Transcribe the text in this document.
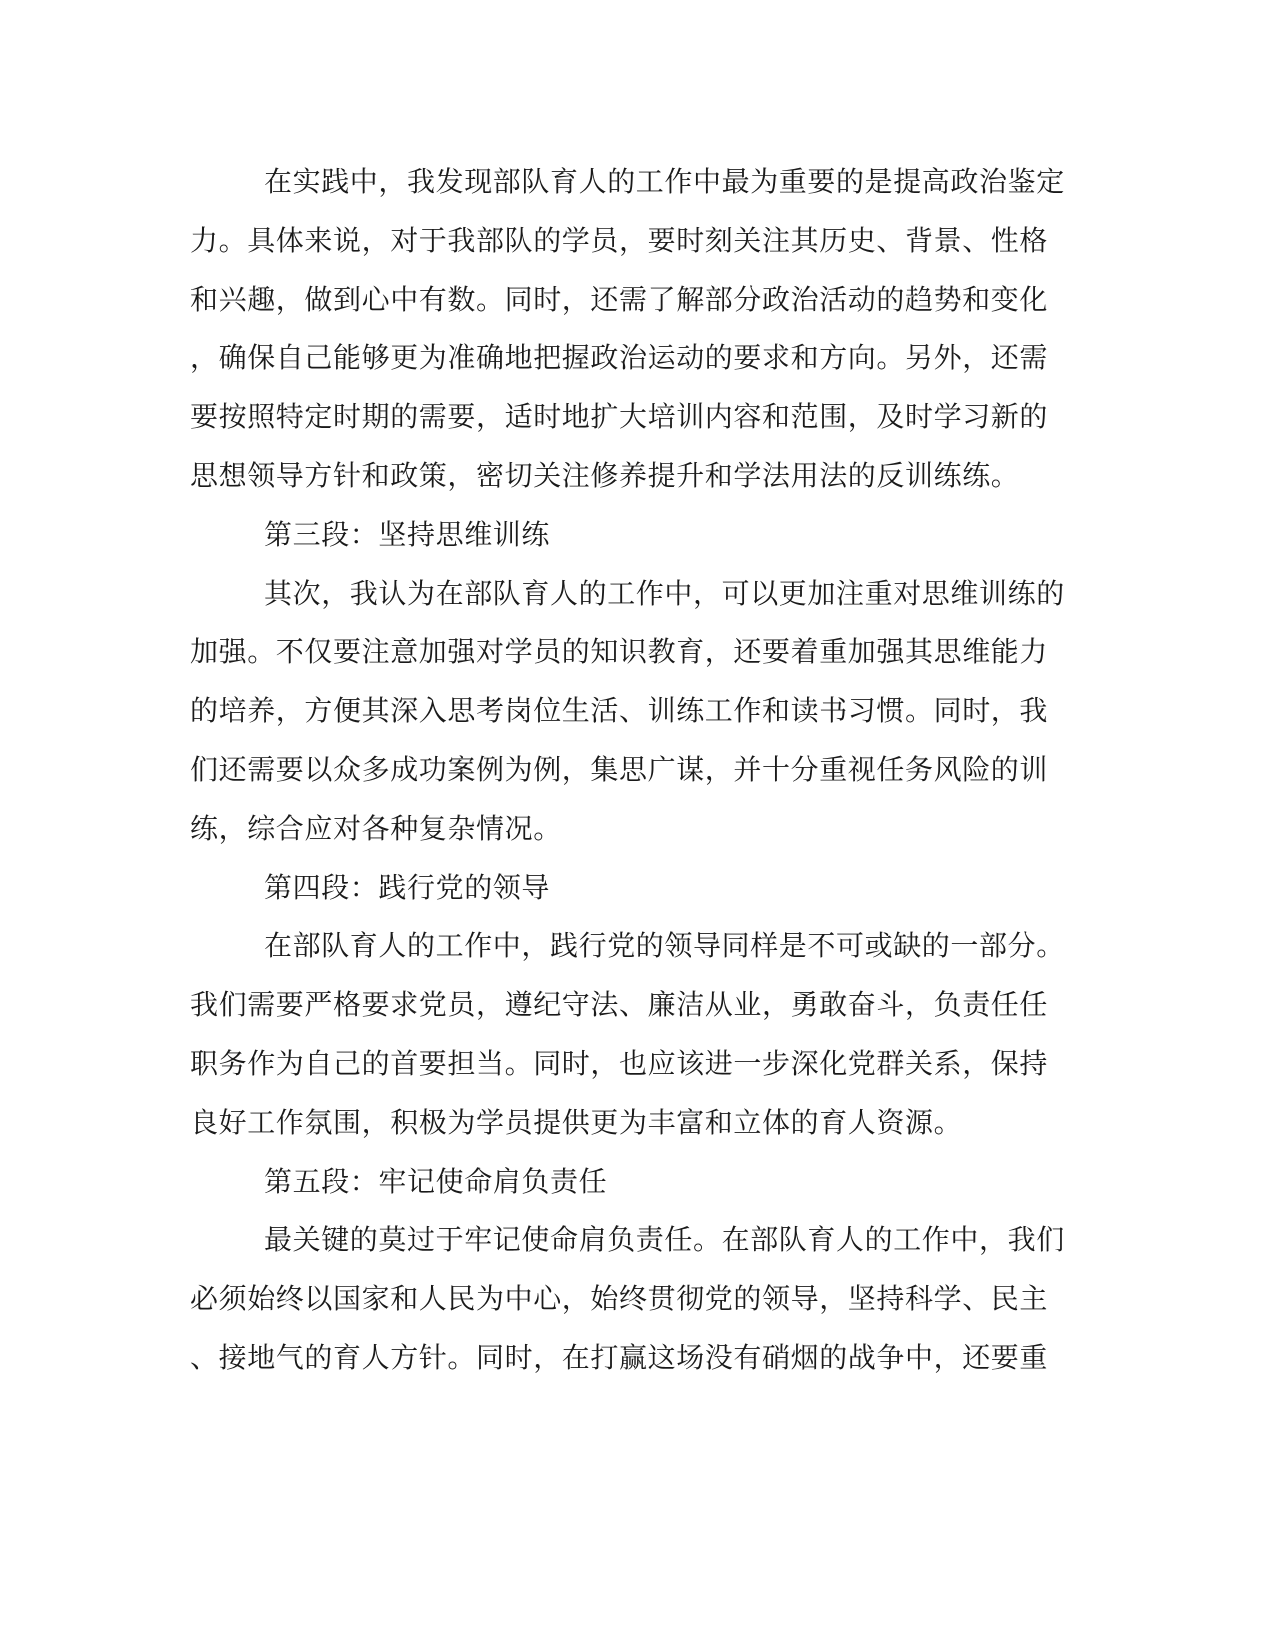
在实践中，我发现部队育人的工作中最为重要的是提高政治鉴定
力。具体来说，对于我部队的学员，要时刻关注其历史、背景、性格
和兴趣，做到心中有数。同时，还需了解部分政治活动的趋势和变化
，确保自己能够更为准确地把握政治运动的要求和方向。另外，还需
要按照特定时期的需要，适时地扩大培训内容和范围，及时学习新的
思想领导方针和政策，密切关注修养提升和学法用法的反训练练。
第三段：坚持思维训练
其次，我认为在部队育人的工作中，可以更加注重对思维训练的
加强。不仅要注意加强对学员的知识教育，还要着重加强其思维能力
的培养，方便其深入思考岗位生活、训练工作和读书习惯。同时，我
们还需要以众多成功案例为例，集思广谋，并十分重视任务风险的训
练，综合应对各种复杂情况。
第四段：践行党的领导
在部队育人的工作中，践行党的领导同样是不可或缺的一部分。
我们需要严格要求党员，遵纪守法、廉洁从业，勇敢奋斗，负责任任
职务作为自己的首要担当。同时，也应该进一步深化党群关系，保持
良好工作氛围，积极为学员提供更为丰富和立体的育人资源。
第五段：牢记使命肩负责任
最关键的莫过于牢记使命肩负责任。在部队育人的工作中，我们
必须始终以国家和人民为中心，始终贯彻党的领导，坚持科学、民主
、接地气的育人方针。同时，在打赢这场没有硝烟的战争中，还要重
